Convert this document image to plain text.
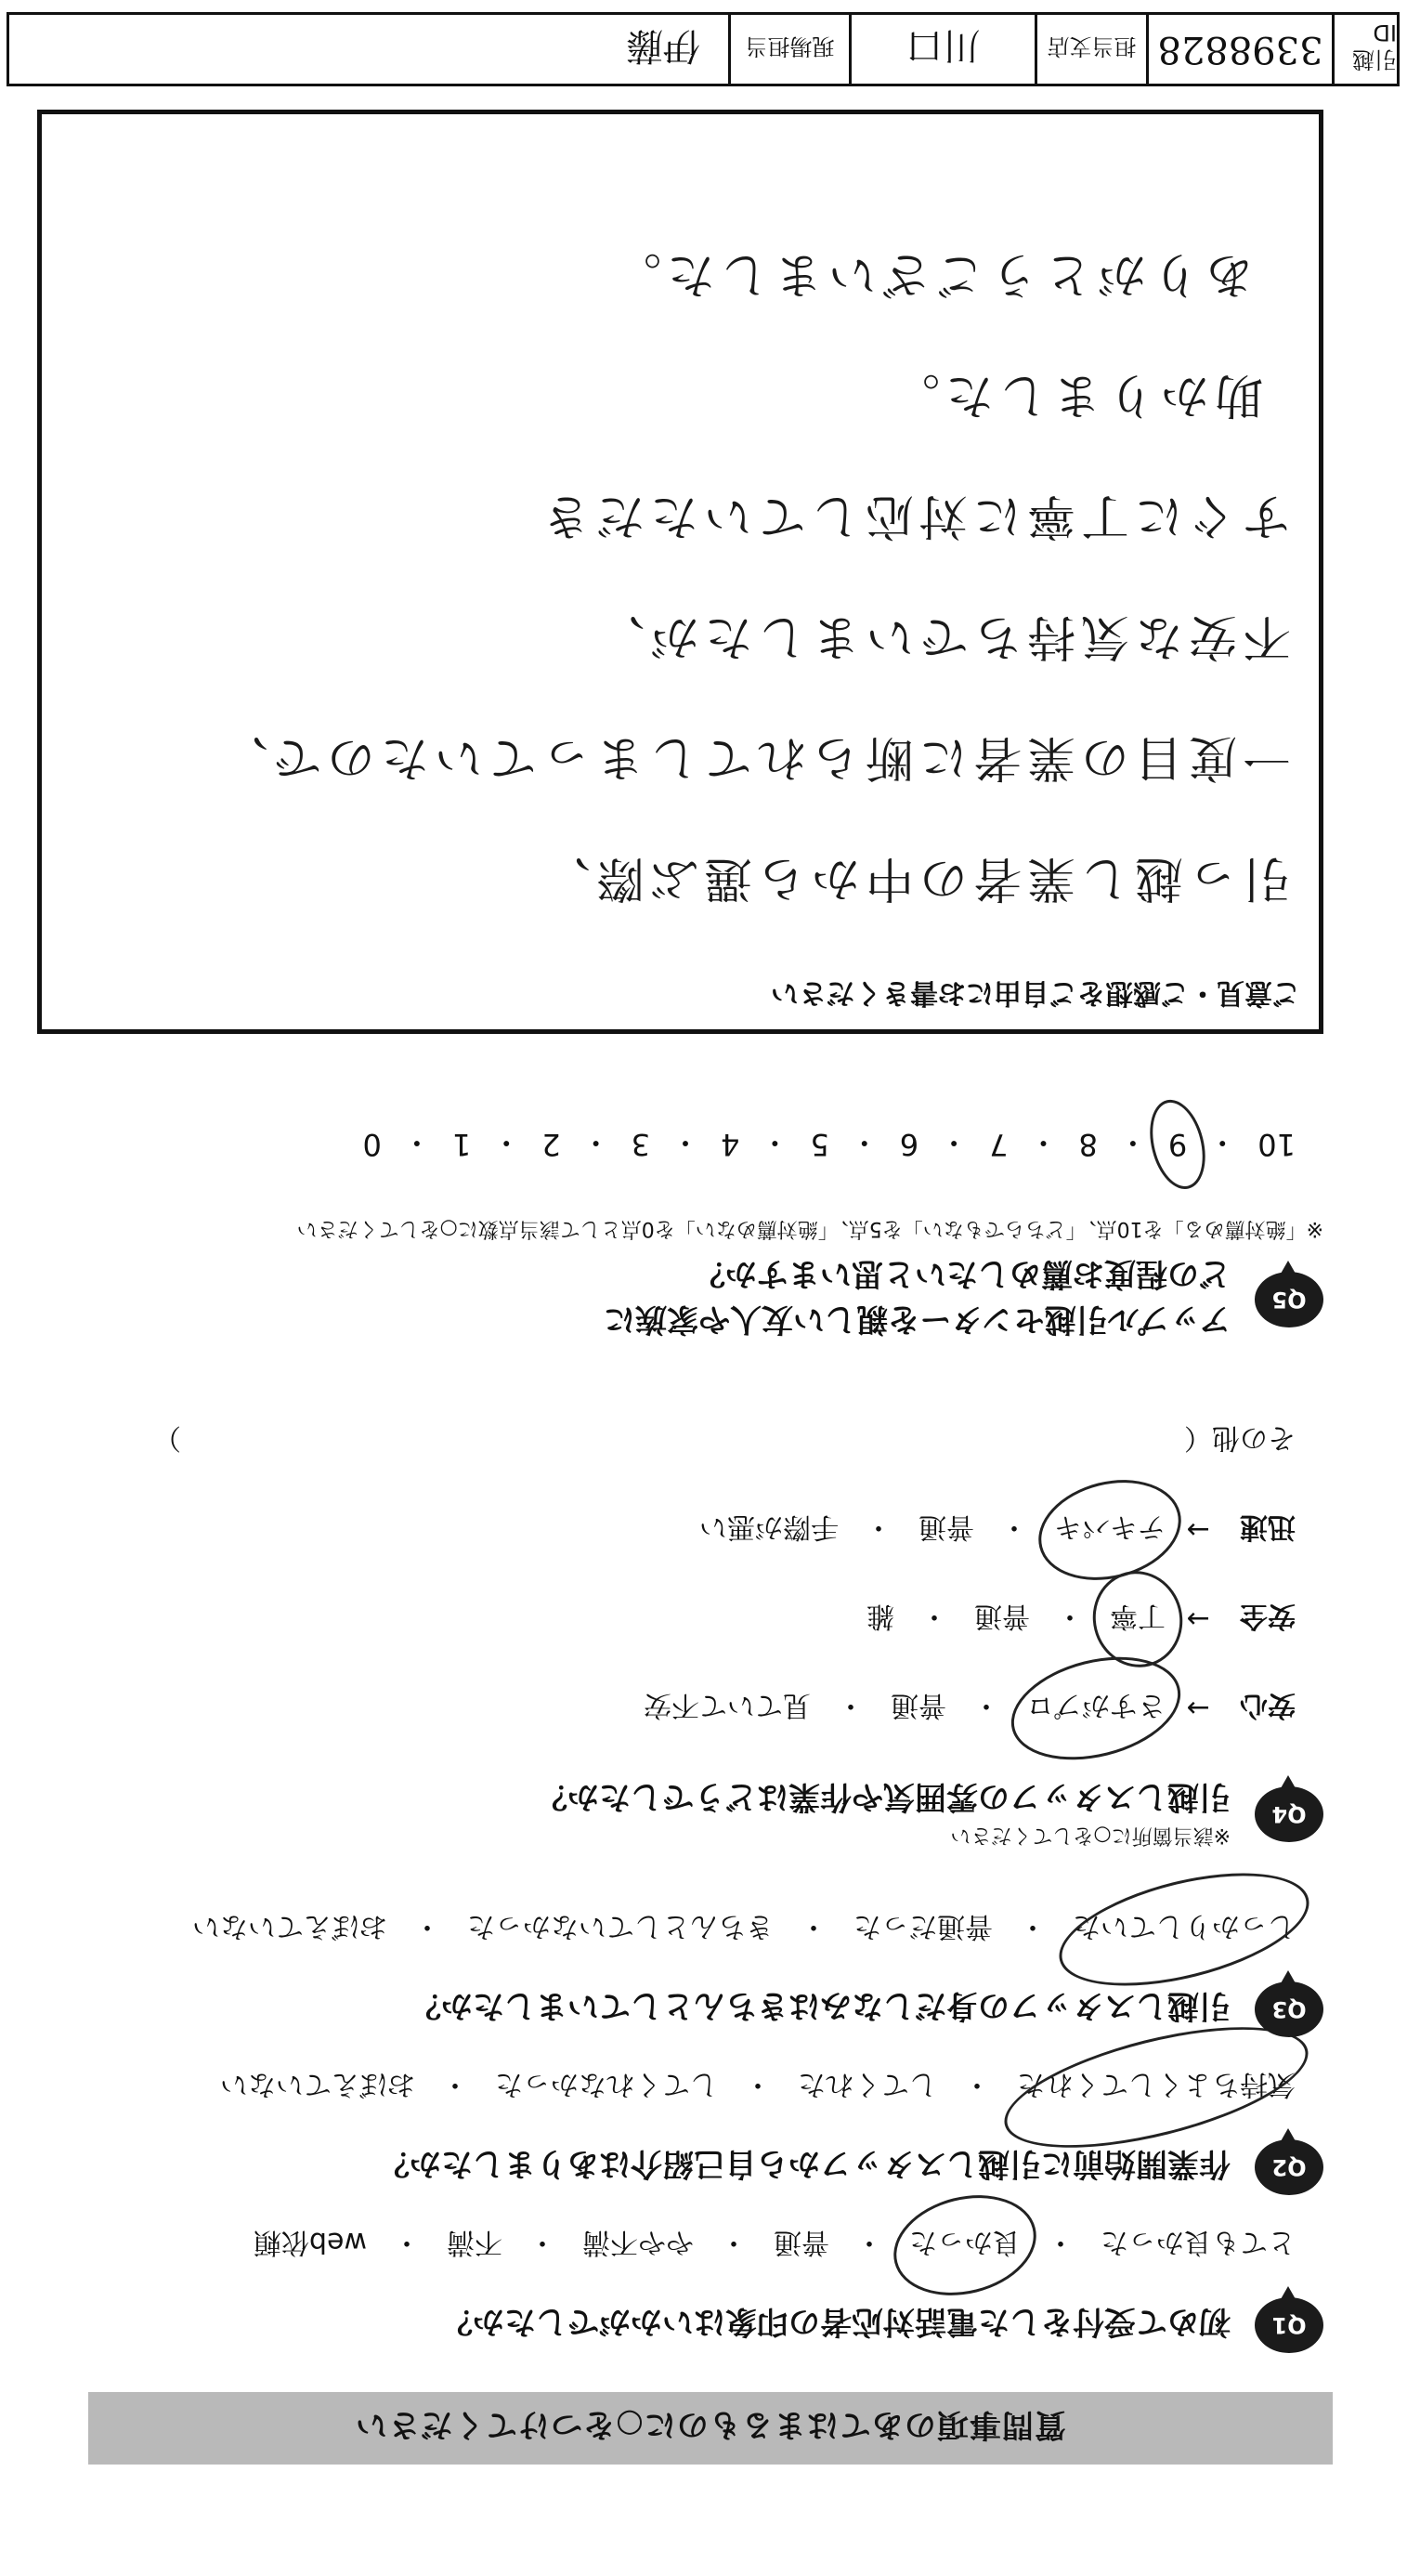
質問事項のあてはまるものに○をつけてください
Q1
初めて受付をした電話対応者の印象はいかがでしたか？
とても良かった
・
良かった
・
普通
・
やや不満
・
不満
・
web依頼
Q2
作業開始前に引越しスタッフから自己紹介はありましたか？
気持ちよくしてくれた
・
してくれた
・
してくれなかった
・
おぼえていない
Q3
引越しスタッフの身だしなみはきちんとしていましたか？
しっかりしていた
・
普通だった
・
きちんとしていなかった
・
おぼえていない
Q4
※該当箇所に○をしてください
引越しスタッフの雰囲気や作業はどうでしたか？
安心
→
さすがプロ
・
普通
・
見ていて不安
安全
→
丁寧
・
普通
・
雑
迅速
→
テキパキ
・
普通
・
手際が悪い
その他（
）
Q5
アップル引越センターを親しい友人や家族に
どの程度お薦めしたいと思いますか？
※「絶対薦める」を10点、「どちらでもない」を5点、「絶対薦めない」を0点として該当点数に○をしてください
10
・
9
・
8
・
7
・
6
・
5
・
4
・
3
・
2
・
1
・
0
ご意見・ご感想をご自由にお書きください
引っ越し業者の中から選ぶ際、
一度目の業者に断られてしまっていたので、
不安な気持ちでいましたが、
すぐに丁寧に対応していただき
助かりました。
ありがとうございました。
引越ID
3398828
担当支店
川口
現場担当
伊藤
